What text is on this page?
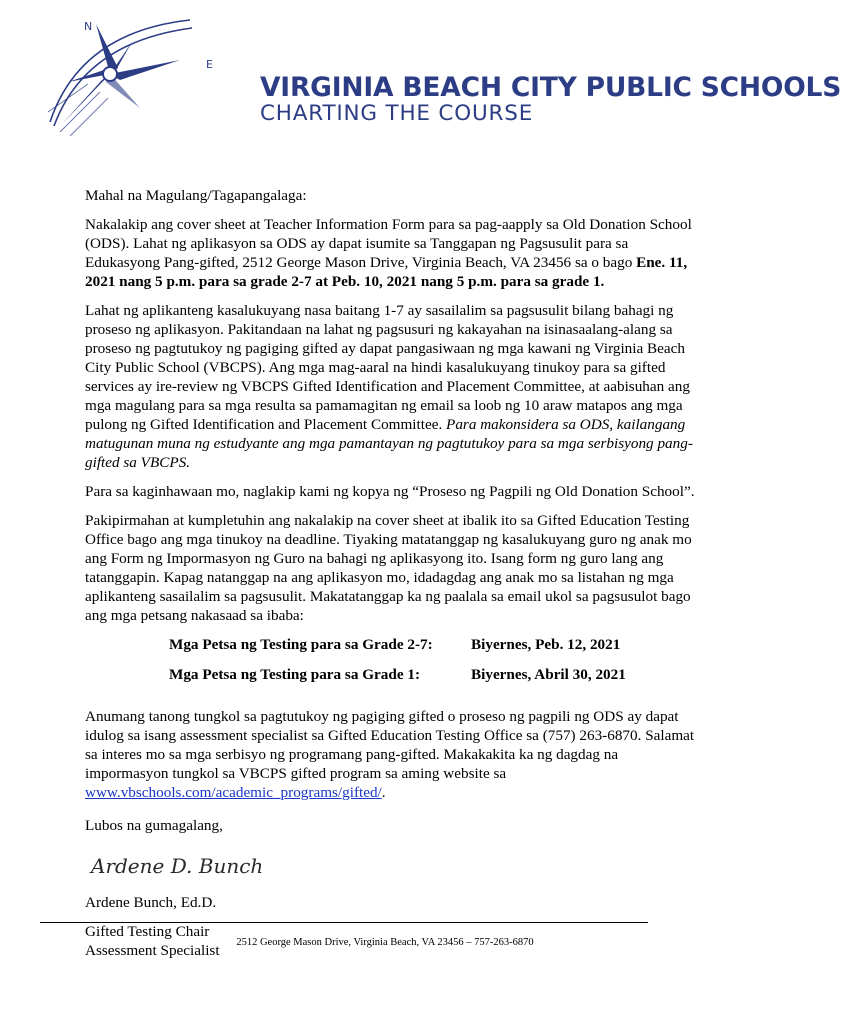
N
E
VIRGINIA BEACH CITY PUBLIC SCHOOLS
CHARTING THE COURSE

Mahal na Magulang/Tagapangalaga:

Nakalakip ang cover sheet at Teacher Information Form para sa pag-aapply sa Old Donation School (ODS). Lahat ng aplikasyon sa ODS ay dapat isumite sa Tanggapan ng Pagsusulit para sa Edukasyong Pang-gifted, 2512 George Mason Drive, Virginia Beach, VA 23456 sa o bago Ene. 11, 2021 nang 5 p.m. para sa grade 2-7 at Peb. 10, 2021 nang 5 p.m. para sa grade 1.

Lahat ng aplikanteng kasalukuyang nasa baitang 1-7 ay sasailalim sa pagsusulit bilang bahagi ng proseso ng aplikasyon. Pakitandaan na lahat ng pagsusuri ng kakayahan na isinasaalang-alang sa proseso ng pagtutukoy ng pagiging gifted ay dapat pangasiwaan ng mga kawani ng Virginia Beach City Public School (VBCPS). Ang mga mag-aaral na hindi kasalukuyang tinukoy para sa gifted services ay ire-review ng VBCPS Gifted Identification and Placement Committee, at aabisuhan ang mga magulang para sa mga resulta sa pamamagitan ng email sa loob ng 10 araw matapos ang mga pulong ng Gifted Identification and Placement Committee. Para makonsidera sa ODS, kailangang matugunan muna ng estudyante ang mga pamantayan ng pagtutukoy para sa mga serbisyong pang-gifted sa VBCPS.

Para sa kaginhawaan mo, naglakip kami ng kopya ng “Proseso ng Pagpili ng Old Donation School”.

Pakipirmahan at kumpletuhin ang nakalakip na cover sheet at ibalik ito sa Gifted Education Testing Office bago ang mga tinukoy na deadline. Tiyaking matatanggap ng kasalukuyang guro ng anak mo ang Form ng Impormasyon ng Guro na bahagi ng aplikasyong ito. Isang form ng guro lang ang tatanggapin. Kapag natanggap na ang aplikasyon mo, idadagdag ang anak mo sa listahan ng mga aplikanteng sasailalim sa pagsusulit. Makatatanggap ka ng paalala sa email ukol sa pagsusulot bago ang mga petsang nakasaad sa ibaba:

Mga Petsa ng Testing para sa Grade 2-7:	Biyernes, Peb. 12, 2021
Mga Petsa ng Testing para sa Grade 1:	Biyernes, Abril 30, 2021

Anumang tanong tungkol sa pagtutukoy ng pagiging gifted o proseso ng pagpili ng ODS ay dapat idulog sa isang assessment specialist sa Gifted Education Testing Office sa (757) 263-6870. Salamat sa interes mo sa mga serbisyo ng programang pang-gifted. Makakakita ka ng dagdag na impormasyon tungkol sa VBCPS gifted program sa aming website sa www.vbschools.com/academic_programs/gifted/.

Lubos na gumagalang,

Ardene D. Bunch
Ardene Bunch, Ed.D.
Gifted Testing Chair
Assessment Specialist	2512 George Mason Drive, Virginia Beach, VA 23456 – 757-263-6870
